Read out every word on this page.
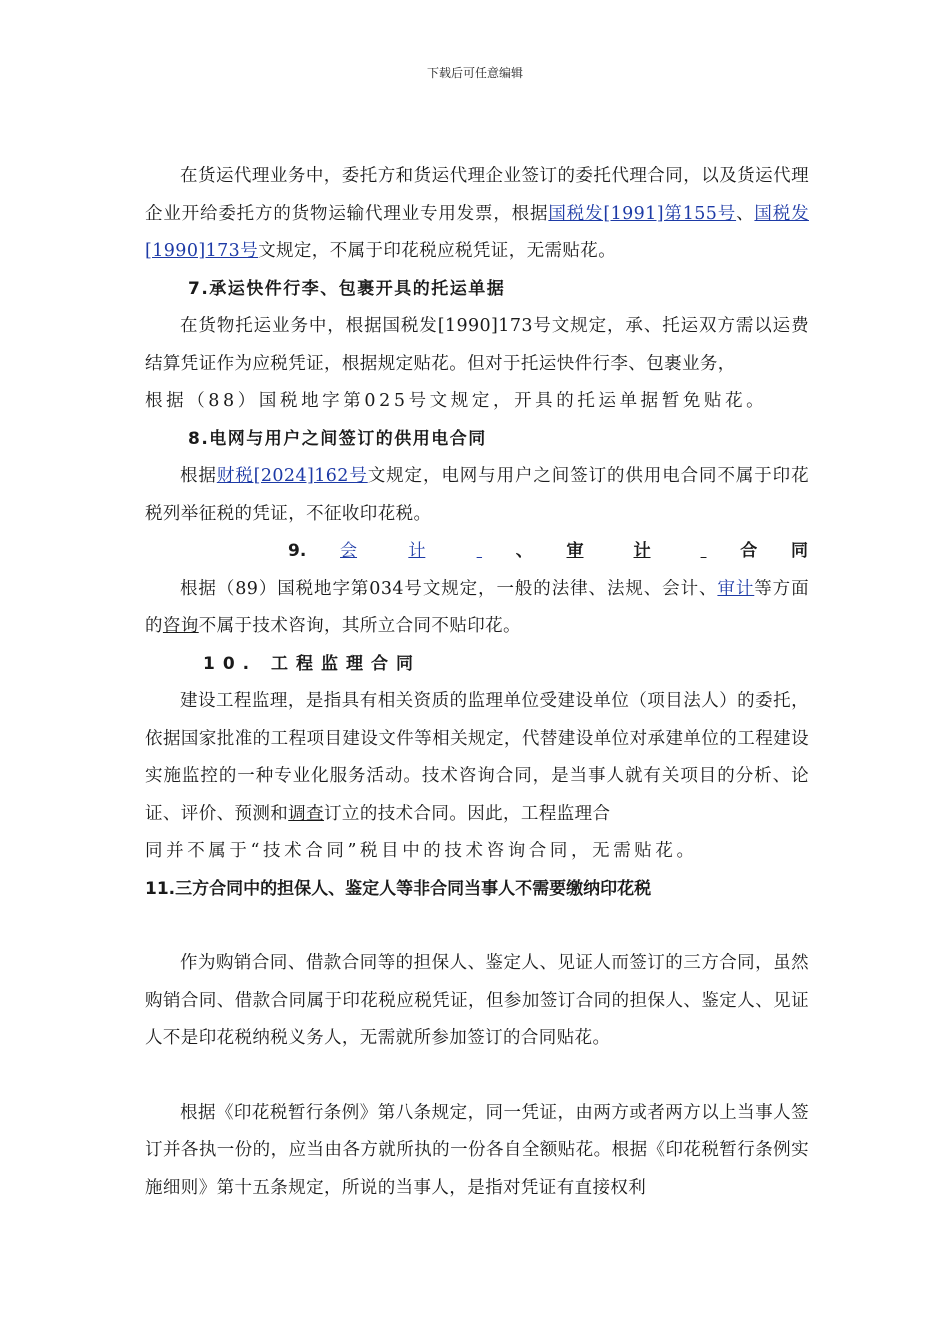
下载后可任意编辑

在货运代理业务中，委托方和货运代理企业签订的委托代理合同，以及货运代理企业开给委托方的货物运输代理业专用发票，根据国税发[1991]第155号、国税发[1990]173号文规定，不属于印花税应税凭证，无需贴花。

7.承运快件行李、包裹开具的托运单据

在货物托运业务中，根据国税发[1990]173号文规定，承、托运双方需以运费结算凭证作为应税凭证，根据规定贴花。但对于托运快件行李、包裹业务，

根据（88）国税地字第025号文规定，开具的托运单据暂免贴花。

8.电网与用户之间签订的供用电合同

根据财税[2024]162号文规定，电网与用户之间签订的供用电合同不属于印花税列举征税的凭证，不征收印花税。

9. 会	计
	、 审	计
	合 同

根据（89）国税地字第034号文规定，一般的法律、法规、会计、审计等方面的咨询不属于技术咨询，其所立合同不贴印花。

10. 工程监理合同

建设工程监理，是指具有相关资质的监理单位受建设单位（项目法人）的委托，依据国家批准的工程项目建设文件等相关规定，代替建设单位对承建单位的工程建设实施监控的一种专业化服务活动。技术咨询合同，是当事人就有关项目的分析、论证、评价、预测和调查订立的技术合同。因此，工程监理合

同并不属于“技术合同”税目中的技术咨询合同，无需贴花。

11.三方合同中的担保人、鉴定人等非合同当事人不需要缴纳印花税

作为购销合同、借款合同等的担保人、鉴定人、见证人而签订的三方合同，虽然购销合同、借款合同属于印花税应税凭证，但参加签订合同的担保人、鉴定人、见证人不是印花税纳税义务人，无需就所参加签订的合同贴花。

根据《印花税暂行条例》第八条规定，同一凭证，由两方或者两方以上当事人签订并各执一份的，应当由各方就所执的一份各自全额贴花。根据《印花税暂行条例实施细则》第十五条规定，所说的当事人，是指对凭证有直接权利
